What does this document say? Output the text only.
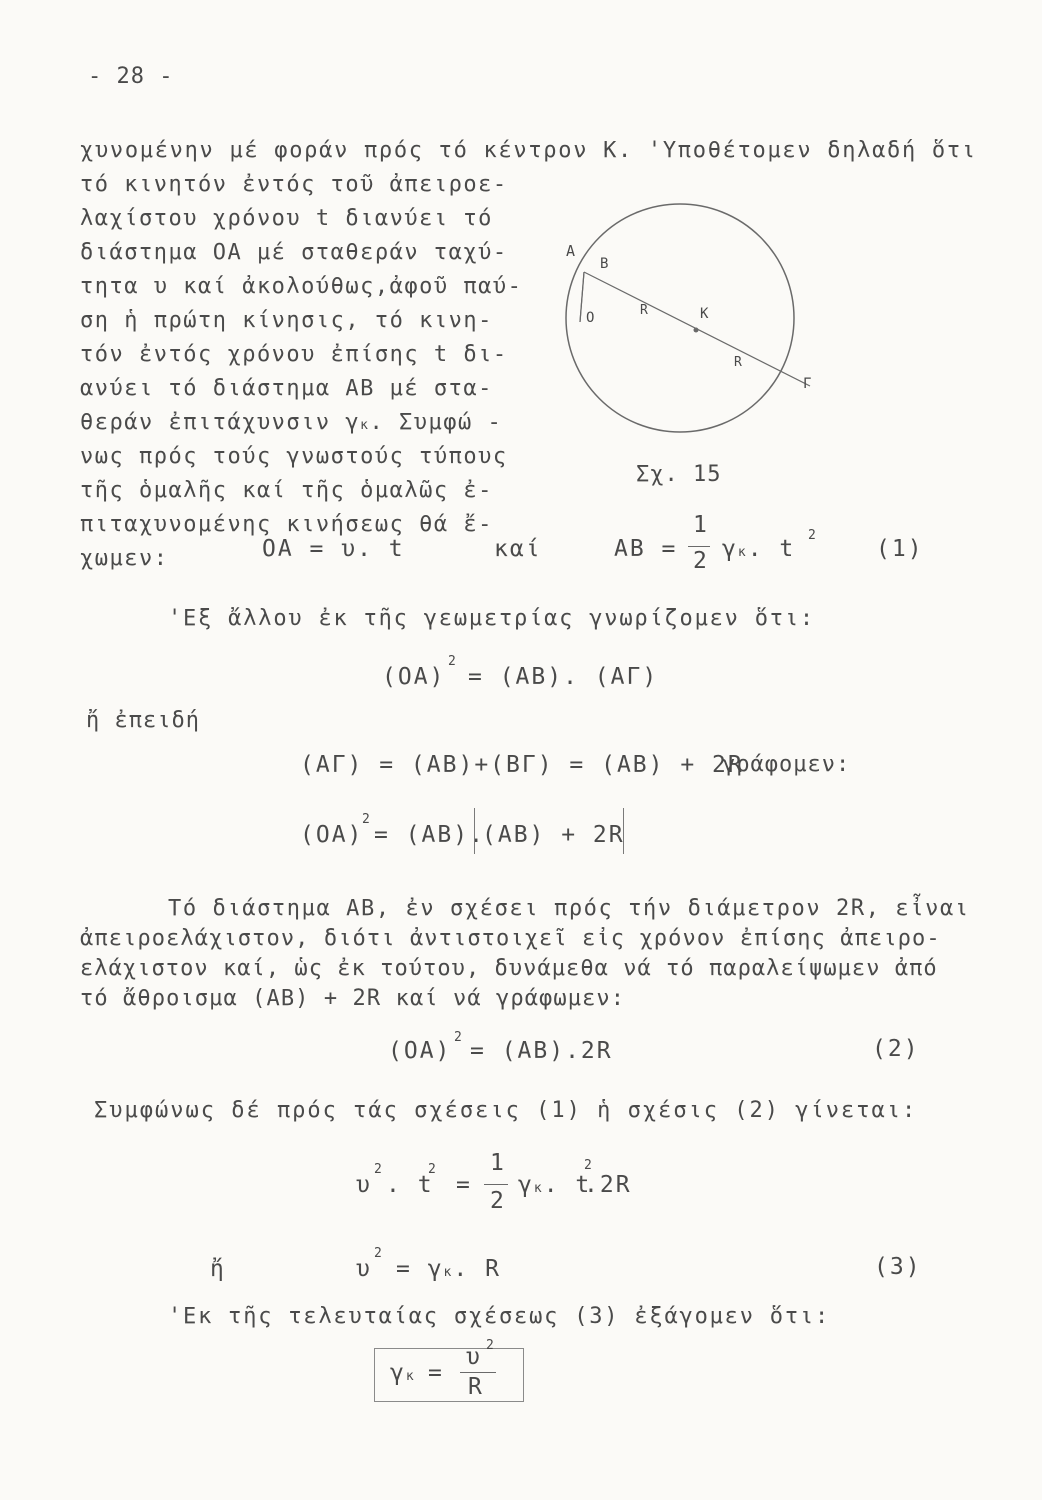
- 28 -
χυνομένην μέ φοράν πρός τό κέντρον Κ. 'Υποθέτομεν δηλαδή ὅτι
τό κινητόν ἐντός τοῦ ἀπειροε-
λαχίστου χρόνου t διανύει τό
διάστημα ΟΑ μέ σταθεράν ταχύ-
τητα υ καί ἀκολούθως,ἀφοῦ παύ-
ση ἡ πρώτη κίνησις, τό κινη-
τόν ἐντός χρόνου ἐπίσης t δι-
ανύει τό διάστημα ΑΒ μέ στα-
θεράν ἐπιτάχυνσιν γκ. Συμφώ -
νως πρός τούς γνωστούς τύπους
τῆς ὁμαλῆς καί τῆς ὁμαλῶς ἐ-
πιταχυνομένης κινήσεως θά ἔ-
χωμεν:
A
B
O	R	K
R
Γ
Σχ. 15
ΟΑ = υ. t	καί	ΑΒ =
1
2 γκ. t
2
(1)
'Εξ ἄλλου ἐκ τῆς γεωμετρίας γνωρίζομεν ὅτι:
(ΟΑ)
2
= (ΑΒ). (ΑΓ)
ἤ ἐπειδή
(ΑΓ) = (ΑΒ)+(ΒΓ) = (ΑΒ) + 2R
γράφομεν:
(ΟΑ)
2
= (ΑΒ).
(ΑΒ) + 2R
Τό διάστημα ΑΒ, ἐν σχέσει πρός τήν διάμετρον 2R, εἶναι
ἀπειροελάχιστον, διότι ἀντιστοιχεῖ εἰς χρόνον ἐπίσης ἀπειρο-
ελάχιστον καί, ὡς ἐκ τούτου, δυνάμεθα νά τό παραλείψωμεν ἀπό
τό ἄθροισμα (ΑΒ) + 2R καί νά γράφωμεν:
(ΟΑ)
2
= (ΑΒ).2R	(2)
Συμφώνως δέ πρός τάς σχέσεις (1) ἡ σχέσις (2) γίνεται:
υ
2
. t
2
=
1
2
γκ. t
2
.2R
ἤ	υ
2
= γκ. R	(3)
'Εκ τῆς τελευταίας σχέσεως (3) ἐξάγομεν ὅτι:
γκ =
υ 2
R
